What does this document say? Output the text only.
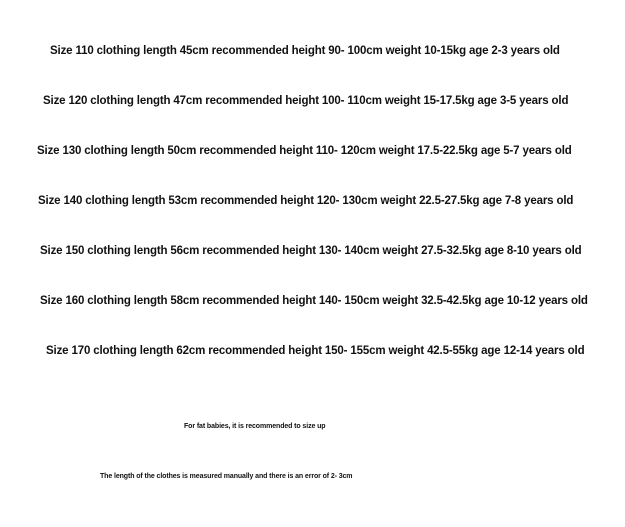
Size 110 clothing length 45cm recommended height 90- 100cm weight 10-15kg age 2-3 years old
Size 120 clothing length 47cm recommended height 100- 110cm weight 15-17.5kg age 3-5 years old
Size 130 clothing length 50cm recommended height 110- 120cm weight 17.5-22.5kg age 5-7 years old
Size 140 clothing length 53cm recommended height 120- 130cm weight 22.5-27.5kg age 7-8 years old
Size 150 clothing length 56cm recommended height 130- 140cm weight 27.5-32.5kg age 8-10 years old
Size 160 clothing length 58cm recommended height 140- 150cm weight 32.5-42.5kg age 10-12 years old
Size 170 clothing length 62cm recommended height 150- 155cm weight 42.5-55kg age 12-14 years old
For fat babies, it is recommended to size up
The length of the clothes is measured manually and there is an error of 2- 3cm
